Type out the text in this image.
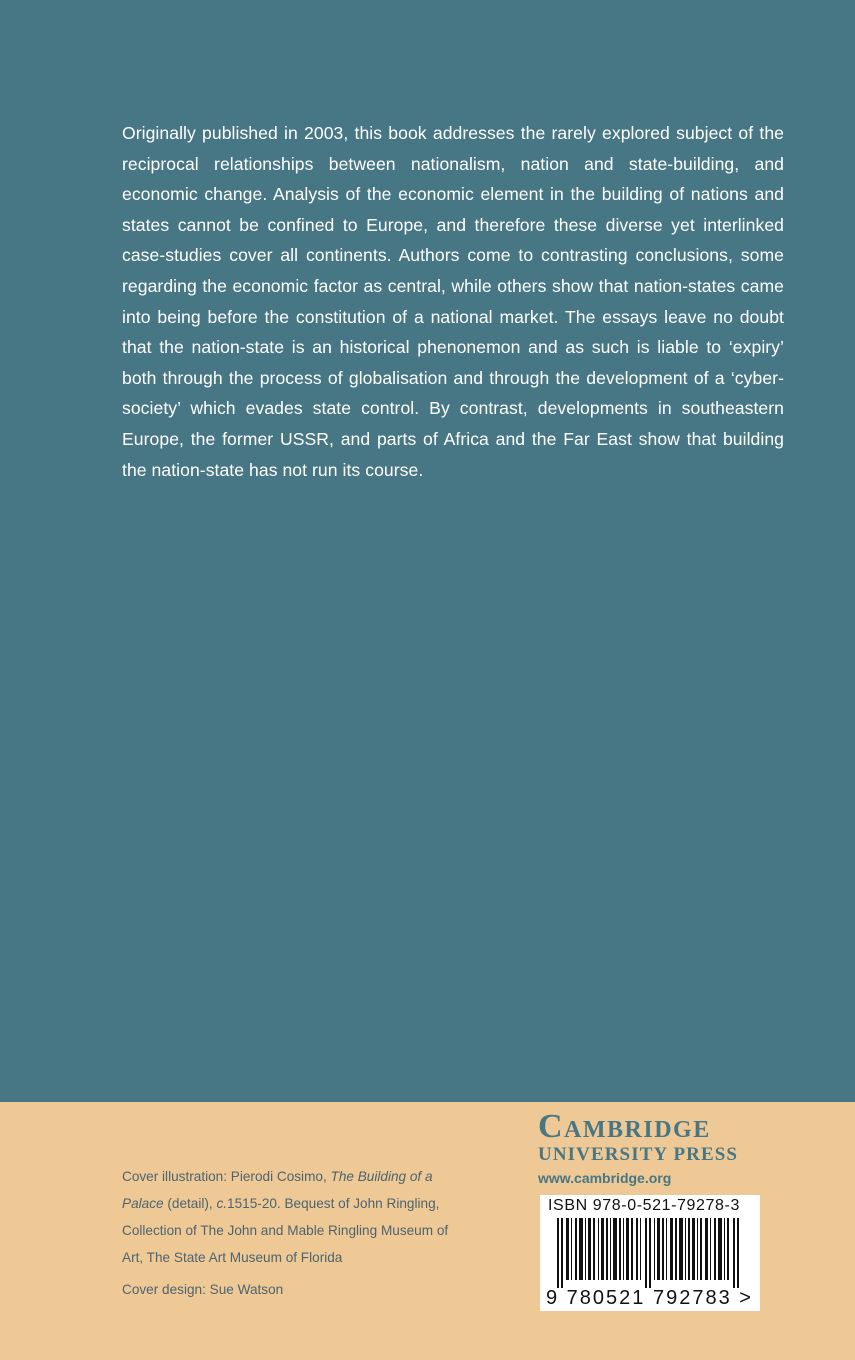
Originally published in 2003, this book addresses the rarely explored subject of the reciprocal relationships between nationalism, nation and state-building, and economic change. Analysis of the economic element in the building of nations and states cannot be confined to Europe, and therefore these diverse yet interlinked case-studies cover all continents. Authors come to contrasting conclusions, some regarding the economic factor as central, while others show that nation-states came into being before the constitution of a national market. The essays leave no doubt that the nation-state is an historical phenonemon and as such is liable to ‘expiry’ both through the process of globalisation and through the development of a ‘cyber-society’ which evades state control. By contrast, developments in southeastern Europe, the former USSR, and parts of Africa and the Far East show that building the nation-state has not run its course.

Cover illustration: Pierodi Cosimo, The Building of a Palace (detail), c.1515-20. Bequest of John Ringling, Collection of The John and Mable Ringling Museum of Art, The State Art Museum of Florida
Cover design: Sue Watson
Cambridge
UNIVERSITY PRESS
www.cambridge.org
ISBN 978-0-521-79278-3
9 780521 792783 >
